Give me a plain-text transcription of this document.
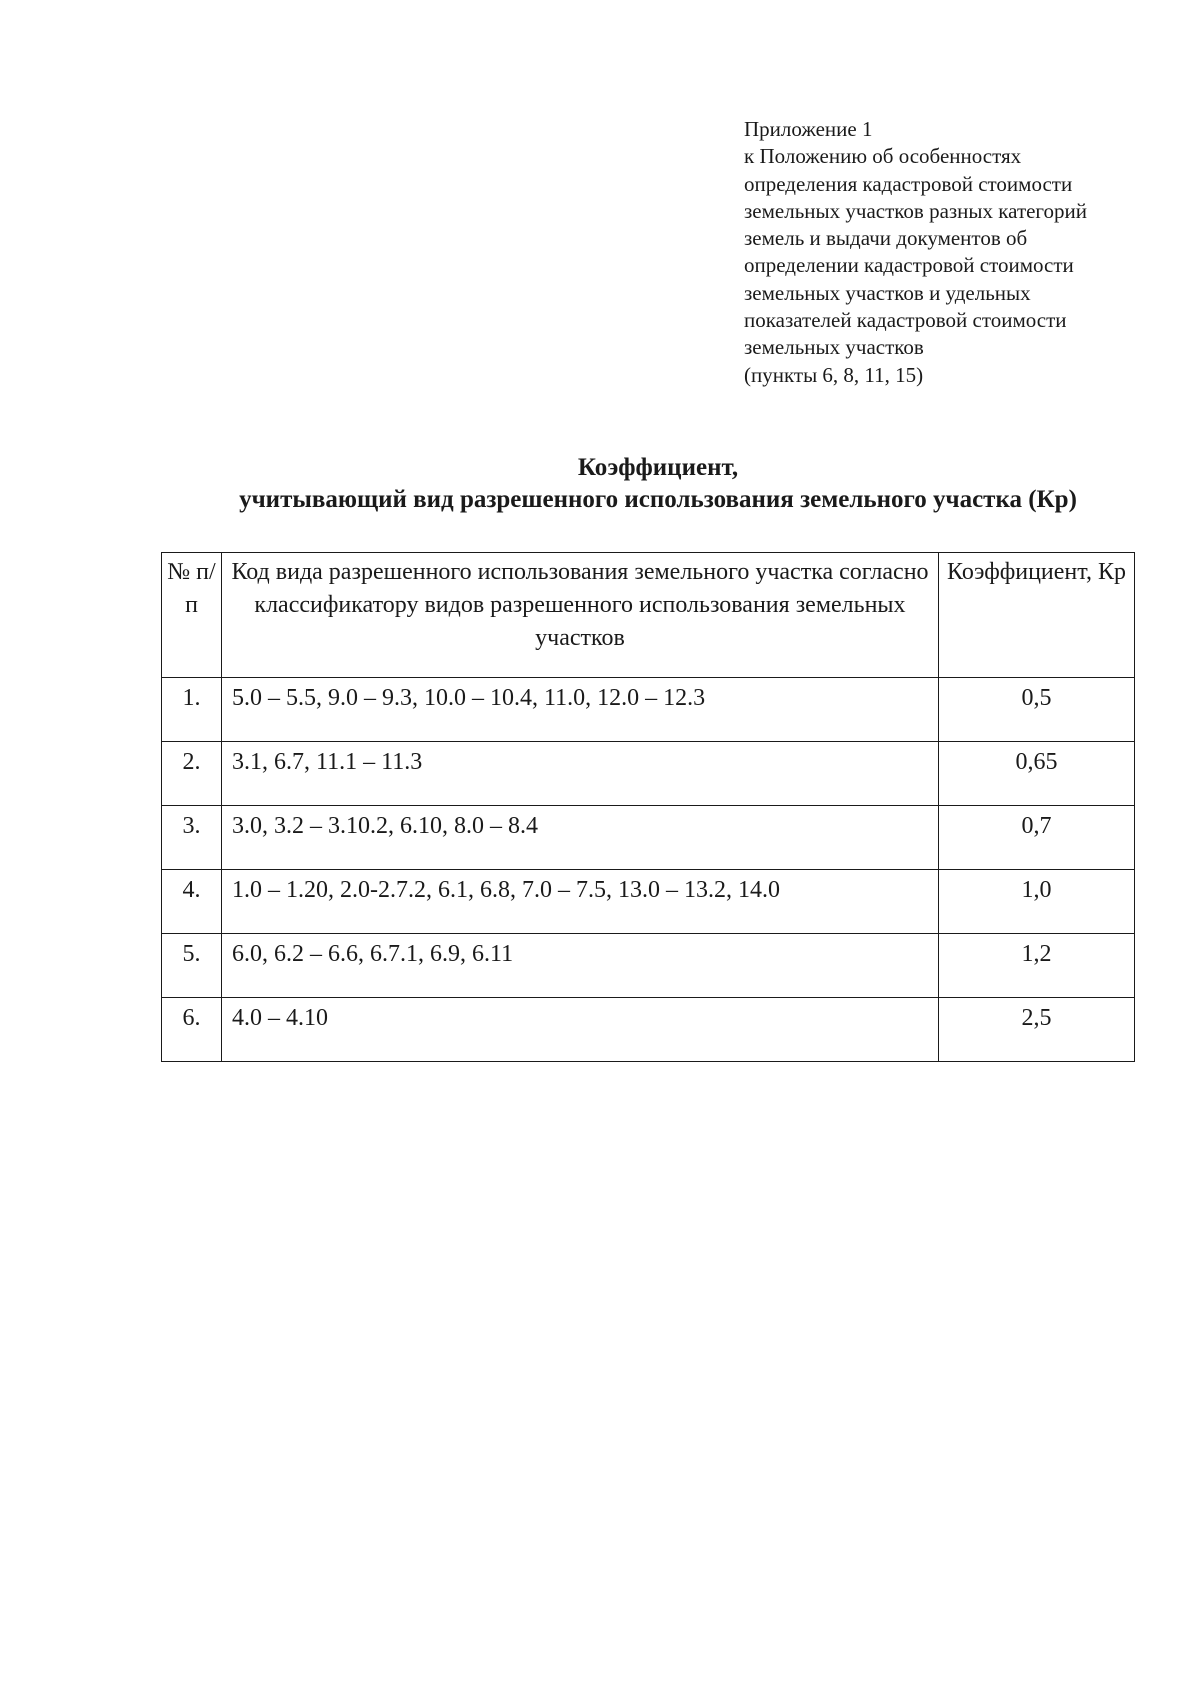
Приложение 1
к Положению об особенностях
определения кадастровой стоимости
земельных участков разных категорий
земель и выдачи документов об
определении кадастровой стоимости
земельных участков и удельных
показателей кадастровой стоимости
земельных участков
(пункты 6, 8, 11, 15)
Коэффициент,
учитывающий вид разрешенного использования земельного участка (Кр)
№ п/п	Код вида разрешенного использования земельного участка согласно классификатору видов разрешенного использования земельных участков	Коэффициент, Кр
1.	5.0 – 5.5, 9.0 – 9.3, 10.0 – 10.4, 11.0, 12.0 – 12.3	0,5
2.	3.1, 6.7, 11.1 – 11.3	0,65
3.	3.0, 3.2 – 3.10.2, 6.10, 8.0 – 8.4	0,7
4.	1.0 – 1.20, 2.0-2.7.2, 6.1, 6.8, 7.0 – 7.5, 13.0 – 13.2, 14.0	1,0
5.	6.0, 6.2 – 6.6, 6.7.1, 6.9, 6.11	1,2
6.	4.0 – 4.10	2,5
